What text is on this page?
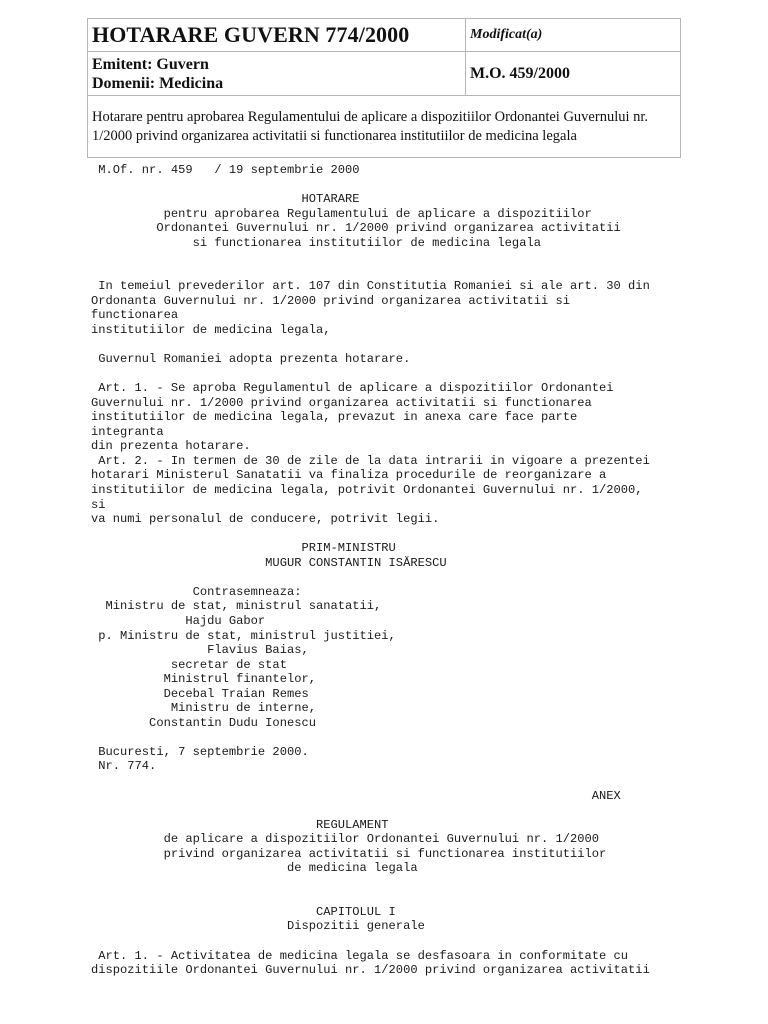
HOTARARE GUVERN 774/2000	Modificat(a)

Emitent: Guvern
Domenii: Medicina	M.O. 459/2000
Hotarare pentru aprobarea Regulamentului de aplicare a dispozitiilor Ordonantei Guvernului nr. 1/2000 privind organizarea activitatii si functionarea institutiilor de medicina legala	
M.Of. nr. 459   / 19 septembrie 2000

HOTARARE
pentru aprobarea Regulamentului de aplicare a dispozitiilor
Ordonantei Guvernului nr. 1/2000 privind organizarea activitatii
si functionarea institutiilor de medicina legala

In temeiul prevederilor art. 107 din Constitutia Romaniei si ale art. 30 din
Ordonanta Guvernului nr. 1/2000 privind organizarea activitatii si
functionarea
institutiilor de medicina legala,

Guvernul Romaniei adopta prezenta hotarare.

Art. 1. - Se aproba Regulamentul de aplicare a dispozitiilor Ordonantei
Guvernului nr. 1/2000 privind organizarea activitatii si functionarea
institutiilor de medicina legala, prevazut in anexa care face parte
integranta
din prezenta hotarare.
Art. 2. - In termen de 30 de zile de la data intrarii in vigoare a prezentei
hotarari Ministerul Sanatatii va finaliza procedurile de reorganizare a
institutiilor de medicina legala, potrivit Ordonantei Guvernului nr. 1/2000,
si
va numi personalul de conducere, potrivit legii.

PRIM-MINISTRU
MUGUR CONSTANTIN ISĂRESCU

Contrasemneaza:
Ministru de stat, ministrul sanatatii,
Hajdu Gabor
p. Ministru de stat, ministrul justitiei,
Flavius Baias,
secretar de stat
Ministrul finantelor,
Decebal Traian Remes
Ministru de interne,
Constantin Dudu Ionescu

Bucuresti, 7 septembrie 2000.
Nr. 774.

ANEX

REGULAMENT
de aplicare a dispozitiilor Ordonantei Guvernului nr. 1/2000
privind organizarea activitatii si functionarea institutiilor
de medicina legala

CAPITOLUL I
Dispozitii generale

Art. 1. - Activitatea de medicina legala se desfasoara in conformitate cu
dispozitiile Ordonantei Guvernului nr. 1/2000 privind organizarea activitatii
